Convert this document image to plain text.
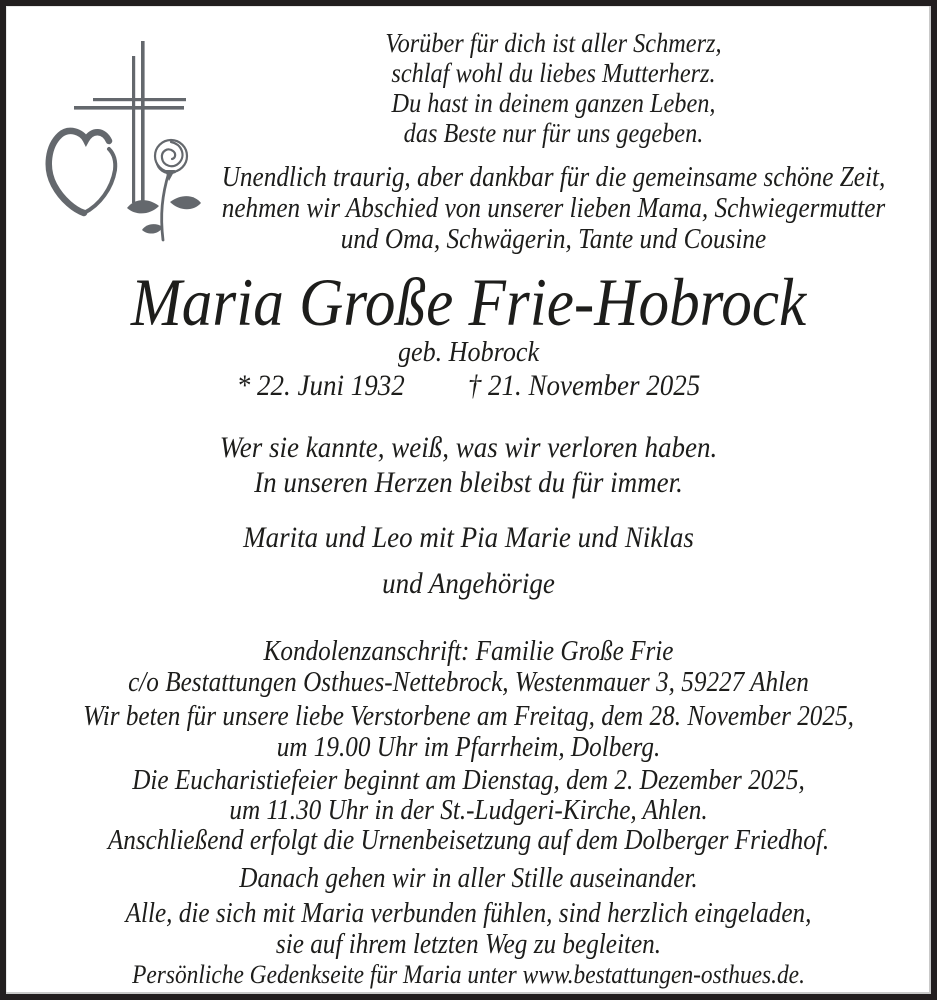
Vorüber für dich ist aller Schmerz,
schlaf wohl du liebes Mutterherz.
Du hast in deinem ganzen Leben,
das Beste nur für uns gegeben.
Unendlich traurig, aber dankbar für die gemeinsame schöne Zeit,
nehmen wir Abschied von unserer lieben Mama, Schwiegermutter
und Oma, Schwägerin, Tante und Cousine
Maria Große Frie-Hobrock
geb. Hobrock
* 22. Juni 1932 † 21. November 2025
Wer sie kannte, weiß, was wir verloren haben.
In unseren Herzen bleibst du für immer.
Marita und Leo mit Pia Marie und Niklas
und Angehörige
Kondolenzanschrift: Familie Große Frie
c/o Bestattungen Osthues-Nettebrock, Westenmauer 3, 59227 Ahlen
Wir beten für unsere liebe Verstorbene am Freitag, dem 28. November 2025,
um 19.00 Uhr im Pfarrheim, Dolberg.
Die Eucharistiefeier beginnt am Dienstag, dem 2. Dezember 2025,
um 11.30 Uhr in der St.-Ludgeri-Kirche, Ahlen.
Anschließend erfolgt die Urnenbeisetzung auf dem Dolberger Friedhof.
Danach gehen wir in aller Stille auseinander.
Alle, die sich mit Maria verbunden fühlen, sind herzlich eingeladen,
sie auf ihrem letzten Weg zu begleiten.
Persönliche Gedenkseite für Maria unter www.bestattungen-osthues.de.
